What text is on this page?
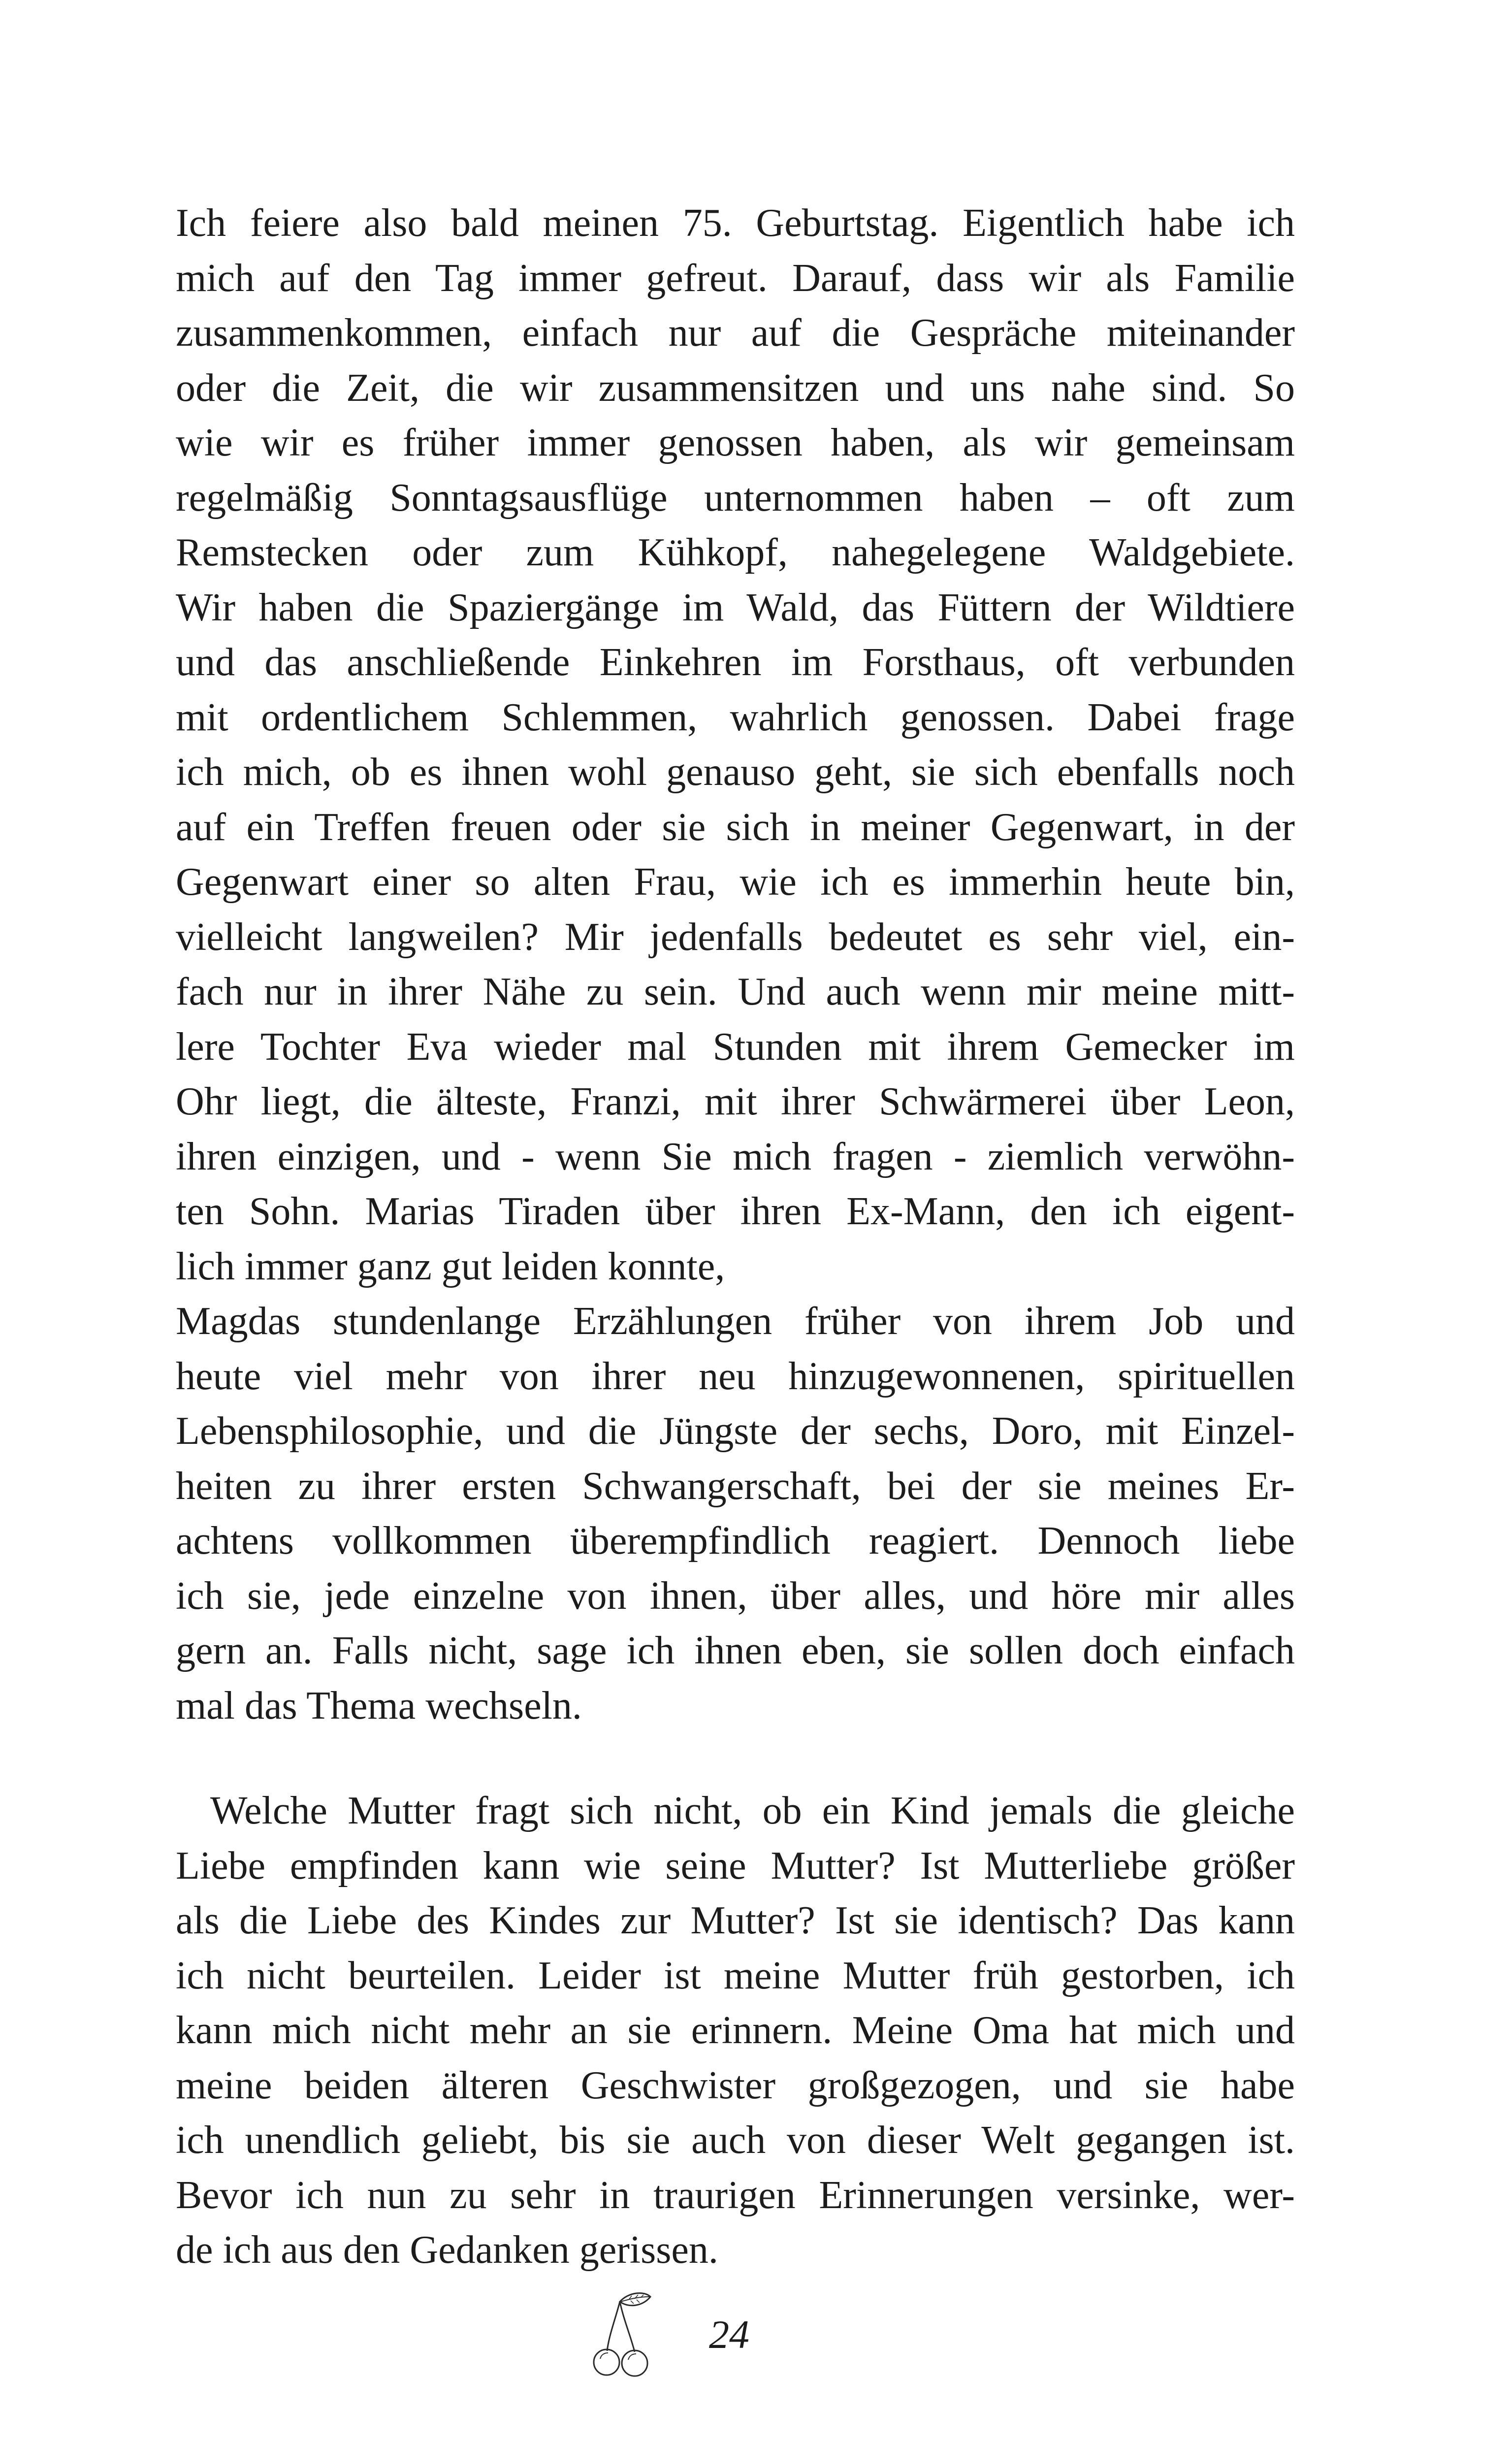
Ich feiere also bald meinen 75. Geburtstag. Eigentlich habe ich
mich auf den Tag immer gefreut. Darauf, dass wir als Familie
zusammenkommen, einfach nur auf die Gespräche miteinander
oder die Zeit, die wir zusammensitzen und uns nahe sind. So
wie wir es früher immer genossen haben, als wir gemeinsam
regelmäßig Sonntagsausflüge unternommen haben – oft zum
Remstecken oder zum Kühkopf, nahegelegene Waldgebiete.
Wir haben die Spaziergänge im Wald, das Füttern der Wildtiere
und das anschließende Einkehren im Forsthaus, oft verbunden
mit ordentlichem Schlemmen, wahrlich genossen. Dabei frage
ich mich, ob es ihnen wohl genauso geht, sie sich ebenfalls noch
auf ein Treffen freuen oder sie sich in meiner Gegenwart, in der
Gegenwart einer so alten Frau, wie ich es immerhin heute bin,
vielleicht langweilen? Mir jedenfalls bedeutet es sehr viel, ein-
fach nur in ihrer Nähe zu sein. Und auch wenn mir meine mitt-
lere Tochter Eva wieder mal Stunden mit ihrem Gemecker im
Ohr liegt, die älteste, Franzi, mit ihrer Schwärmerei über Leon,
ihren einzigen, und - wenn Sie mich fragen - ziemlich verwöhn-
ten Sohn. Marias Tiraden über ihren Ex-Mann, den ich eigent-
lich immer ganz gut leiden konnte,
Magdas stundenlange Erzählungen früher von ihrem Job und
heute viel mehr von ihrer neu hinzugewonnenen, spirituellen
Lebensphilosophie, und die Jüngste der sechs, Doro, mit Einzel-
heiten zu ihrer ersten Schwangerschaft, bei der sie meines Er-
achtens vollkommen überempfindlich reagiert. Dennoch liebe
ich sie, jede einzelne von ihnen, über alles, und höre mir alles
gern an. Falls nicht, sage ich ihnen eben, sie sollen doch einfach
mal das Thema wechseln.
Welche Mutter fragt sich nicht, ob ein Kind jemals die gleiche
Liebe empfinden kann wie seine Mutter? Ist Mutterliebe größer
als die Liebe des Kindes zur Mutter? Ist sie identisch? Das kann
ich nicht beurteilen. Leider ist meine Mutter früh gestorben, ich
kann mich nicht mehr an sie erinnern. Meine Oma hat mich und
meine beiden älteren Geschwister großgezogen, und sie habe
ich unendlich geliebt, bis sie auch von dieser Welt gegangen ist.
Bevor ich nun zu sehr in traurigen Erinnerungen versinke, wer-
de ich aus den Gedanken gerissen.
24
